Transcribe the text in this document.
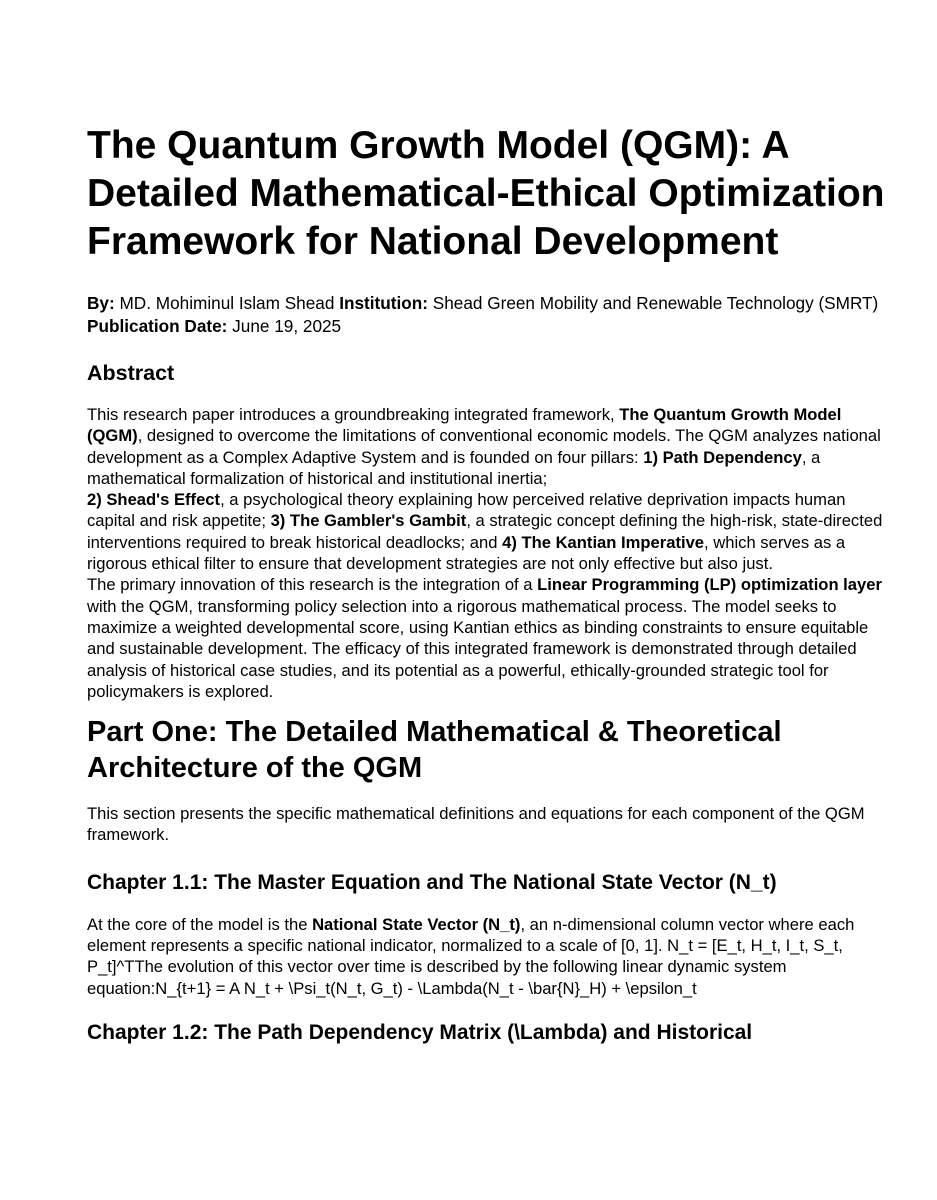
The Quantum Growth Model (QGM): A Detailed Mathematical-Ethical Optimization Framework for National Development

By: MD. Mohiminul Islam Shead Institution: Shead Green Mobility and Renewable Technology (SMRT) Publication Date: June 19, 2025

Abstract

This research paper introduces a groundbreaking integrated framework, The Quantum Growth Model (QGM), designed to overcome the limitations of conventional economic models. The QGM analyzes national development as a Complex Adaptive System and is founded on four pillars: 1) Path Dependency, a mathematical formalization of historical and institutional inertia;
2) Shead's Effect, a psychological theory explaining how perceived relative deprivation impacts human capital and risk appetite; 3) The Gambler's Gambit, a strategic concept defining the high-risk, state-directed interventions required to break historical deadlocks; and 4) The Kantian Imperative, which serves as a rigorous ethical filter to ensure that development strategies are not only effective but also just.

The primary innovation of this research is the integration of a Linear Programming (LP) optimization layer with the QGM, transforming policy selection into a rigorous mathematical process. The model seeks to maximize a weighted developmental score, using Kantian ethics as binding constraints to ensure equitable and sustainable development. The efficacy of this integrated framework is demonstrated through detailed analysis of historical case studies, and its potential as a powerful, ethically-grounded strategic tool for policymakers is explored.

Part One: The Detailed Mathematical & Theoretical Architecture of the QGM

This section presents the specific mathematical definitions and equations for each component of the QGM framework.

Chapter 1.1: The Master Equation and The National State Vector (N_t)

At the core of the model is the National State Vector (N_t), an n-dimensional column vector where each element represents a specific national indicator, normalized to a scale of [0, 1]. N_t = [E_t, H_t, I_t, S_t, P_t]^TThe evolution of this vector over time is described by the following linear dynamic system equation:N_{t+1} = A N_t + \Psi_t(N_t, G_t) - \Lambda(N_t - \bar{N}_H) + \epsilon_t

Chapter 1.2: The Path Dependency Matrix (\Lambda) and Historical
